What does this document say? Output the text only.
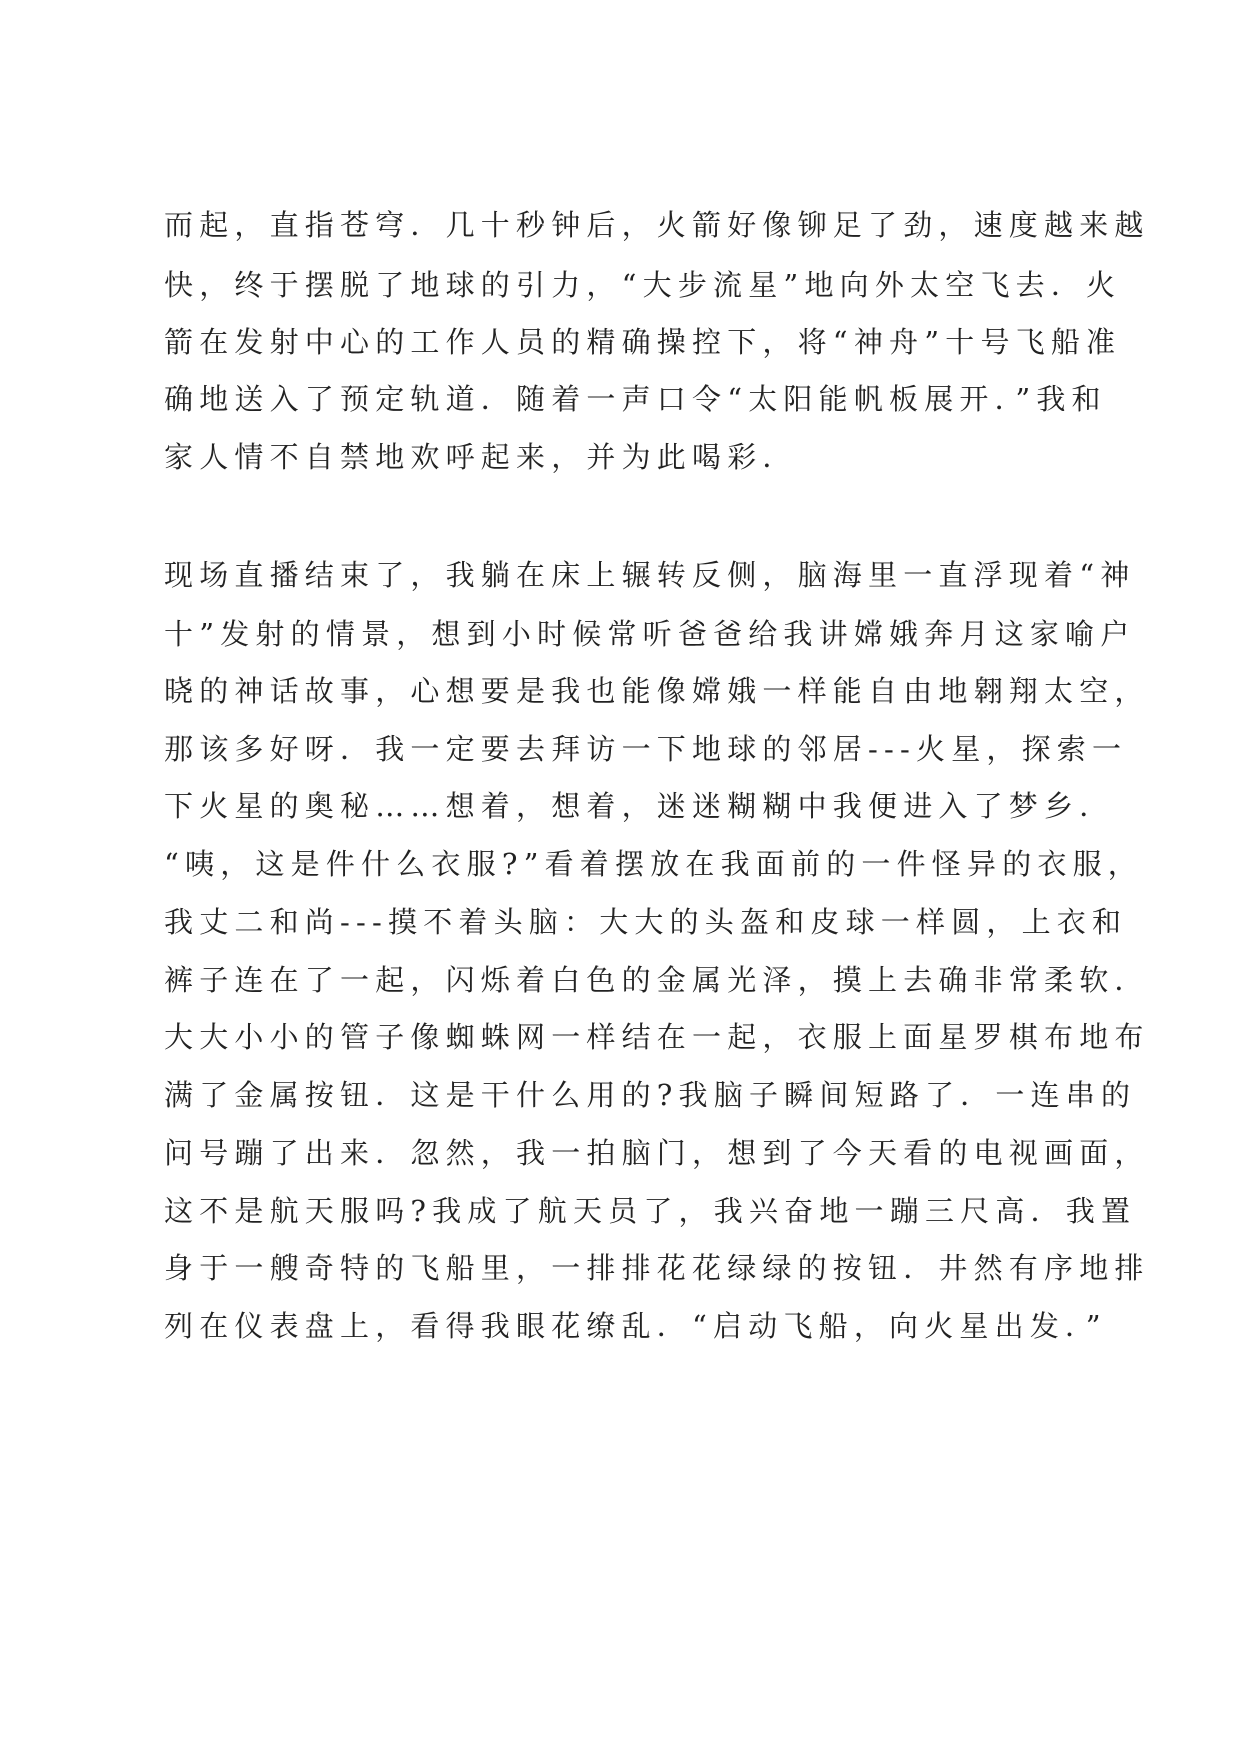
而起，直指苍穹．几十秒钟后，火箭好像铆足了劲，速度越来越

快，终于摆脱了地球的引力，“大步流星”地向外太空飞去．火

箭在发射中心的工作人员的精确操控下，将“神舟”十号飞船准

确地送入了预定轨道．随着一声口令“太阳能帆板展开．”我和

家人情不自禁地欢呼起来，并为此喝彩．

现场直播结束了，我躺在床上辗转反侧，脑海里一直浮现着“神

十”发射的情景，想到小时候常听爸爸给我讲嫦娥奔月这家喻户

晓的神话故事，心想要是我也能像嫦娥一样能自由地翱翔太空，

那该多好呀．我一定要去拜访一下地球的邻居---火星，探索一

下火星的奥秘……想着，想着，迷迷糊糊中我便进入了梦乡．

“咦，这是件什么衣服?”看着摆放在我面前的一件怪异的衣服，

我丈二和尚---摸不着头脑：大大的头盔和皮球一样圆，上衣和

裤子连在了一起，闪烁着白色的金属光泽，摸上去确非常柔软．

大大小小的管子像蜘蛛网一样结在一起，衣服上面星罗棋布地布

满了金属按钮．这是干什么用的?我脑子瞬间短路了．一连串的

问号蹦了出来．忽然，我一拍脑门，想到了今天看的电视画面，

这不是航天服吗?我成了航天员了，我兴奋地一蹦三尺高．我置

身于一艘奇特的飞船里，一排排花花绿绿的按钮．井然有序地排

列在仪表盘上，看得我眼花缭乱．“启动飞船，向火星出发．”
